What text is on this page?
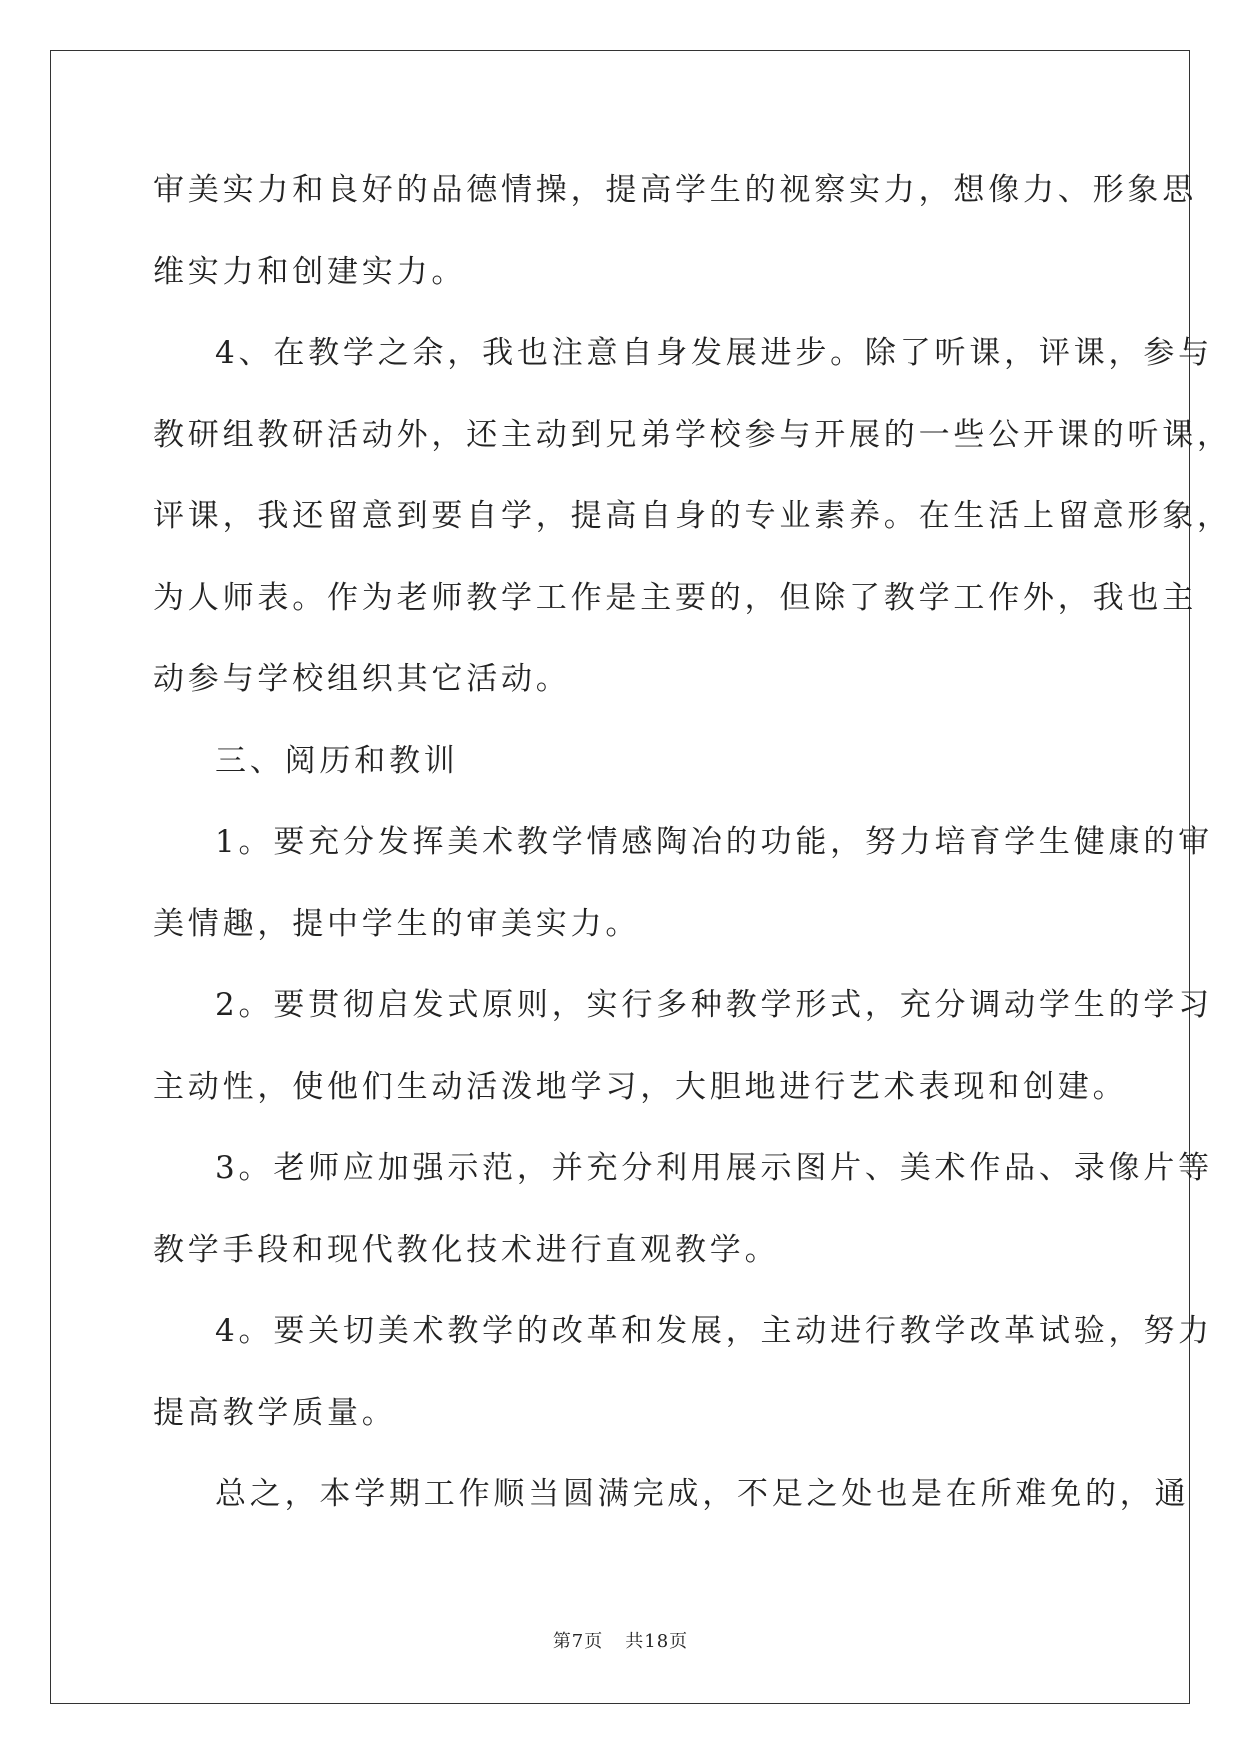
审美实力和良好的品德情操，提高学生的视察实力，想像力、形象思
维实力和创建实力。
4、在教学之余，我也注意自身发展进步。除了听课，评课，参与
教研组教研活动外，还主动到兄弟学校参与开展的一些公开课的听课，
评课，我还留意到要自学，提高自身的专业素养。在生活上留意形象，
为人师表。作为老师教学工作是主要的，但除了教学工作外，我也主
动参与学校组织其它活动。
三、阅历和教训
1。要充分发挥美术教学情感陶冶的功能，努力培育学生健康的审
美情趣，提中学生的审美实力。
2。要贯彻启发式原则，实行多种教学形式，充分调动学生的学习
主动性，使他们生动活泼地学习，大胆地进行艺术表现和创建。
3。老师应加强示范，并充分利用展示图片、美术作品、录像片等
教学手段和现代教化技术进行直观教学。
4。要关切美术教学的改革和发展，主动进行教学改革试验，努力
提高教学质量。
总之，本学期工作顺当圆满完成，不足之处也是在所难免的，通
第7页 共18页
